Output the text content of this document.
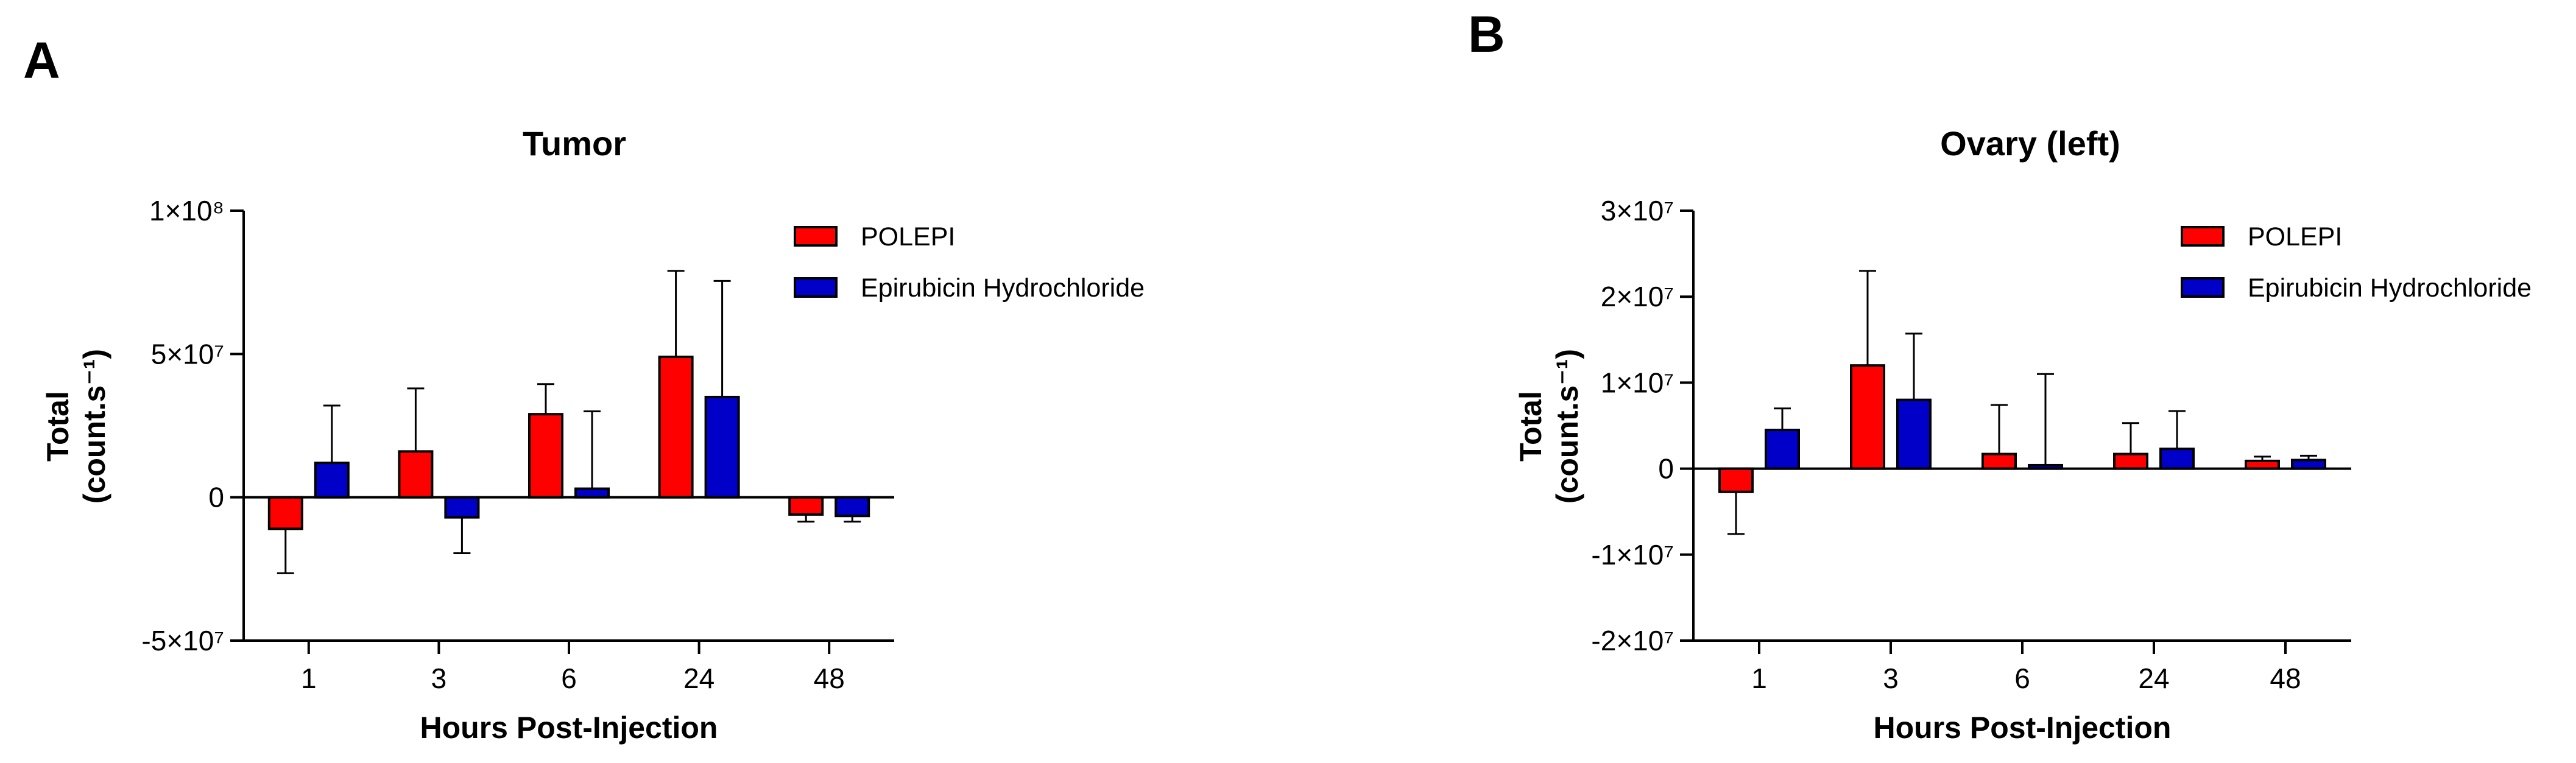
A
Tumor
-5×10⁷
0
5×10⁷
1×10⁸
Total (count.s⁻¹)
1	3	6	24	48
Hours Post-Injection
POLEPI
Epirubicin Hydrochloride
B
Ovary (left)
-2×10⁷
-1×10⁷
0
1×10⁷
2×10⁷
3×10⁷
Total (count.s⁻¹)
1	3	6	24	48
Hours Post-Injection
POLEPI
Epirubicin Hydrochloride
